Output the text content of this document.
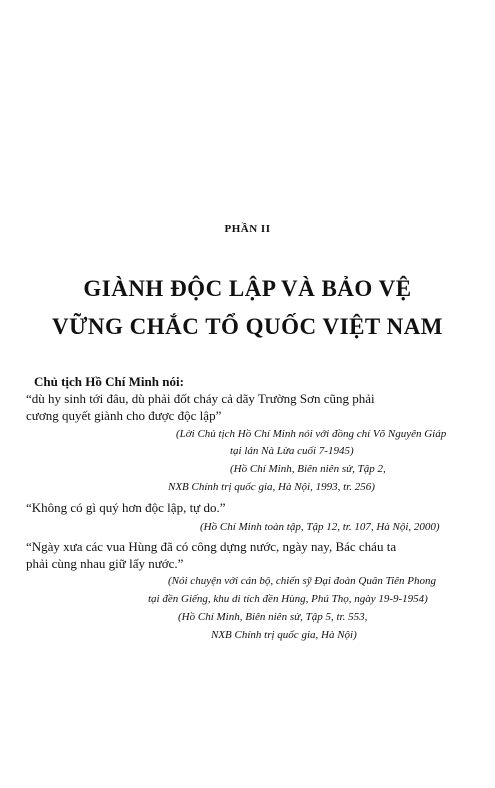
PHẦN II
GIÀNH ĐỘC LẬP VÀ BẢO VỆ
VỮNG CHẮC TỔ QUỐC VIỆT NAM
Chủ tịch Hồ Chí Minh nói:
“dù hy sinh tới đâu, dù phải đốt cháy cả dãy Trường Sơn cũng phải
cương quyết giành cho được độc lập”
(Lời Chủ tịch Hồ Chí Minh nói với đồng chí Võ Nguyên Giáp
tại lán Nà Lừa cuối 7-1945)
(Hồ Chí Minh, Biên niên sử, Tập 2,
NXB Chính trị quốc gia, Hà Nội, 1993, tr. 256)
“Không có gì quý hơn độc lập, tự do.”
(Hồ Chí Minh toàn tập, Tập 12, tr. 107, Hà Nội, 2000)
“Ngày xưa các vua Hùng đã có công dựng nước, ngày nay, Bác cháu ta
phải cùng nhau giữ lấy nước.”
(Nói chuyện với cán bộ, chiến sỹ Đại đoàn Quân Tiên Phong
tại đền Giếng, khu di tích đền Hùng, Phú Thọ, ngày 19-9-1954)
(Hồ Chí Minh, Biên niên sử, Tập 5, tr. 553,
NXB Chính trị quốc gia, Hà Nội)
